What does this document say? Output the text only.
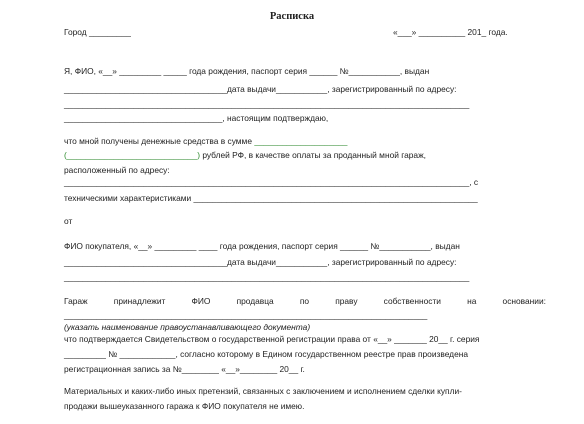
Расписка

Город _________	«___» __________ 201_ года.

Я, ФИО, «__» _________ _____ года рождения, паспорт серия ______ №___________, выдан

___________________________________дата выдачи___________, зарегистрированный по адресу:

_______________________________________________________________________________________

__________________________________, настоящим подтверждаю,

что мной получены денежные средства в сумме ____________________

(____________________________) рублей РФ, в качестве оплаты за проданный мной гараж,

расположенный по адресу:

_______________________________________________________________________________________, с

техническими характеристиками _____________________________________________________________

от

ФИО покупателя, «__» _________ ____ года рождения, паспорт серия ______ №___________, выдан

___________________________________дата выдачи___________, зарегистрированный по адресу:

_______________________________________________________________________________________

Гараж принадлежит ФИО продавца по праву собственности на основании:

______________________________________________________________________________

(указать наименование правоустанавливающего документа)

что подтверждается Свидетельством о государственной регистрации права от «__» _______ 20__ г. серия

_________ № ____________, согласно которому в Едином государственном реестре прав произведена

регистрационная запись за №________ «__»________ 20__ г.

Материальных и каких-либо иных претензий, связанных с заключением и исполнением сделки купли-

продажи вышеуказанного гаража к ФИО покупателя не имею.
